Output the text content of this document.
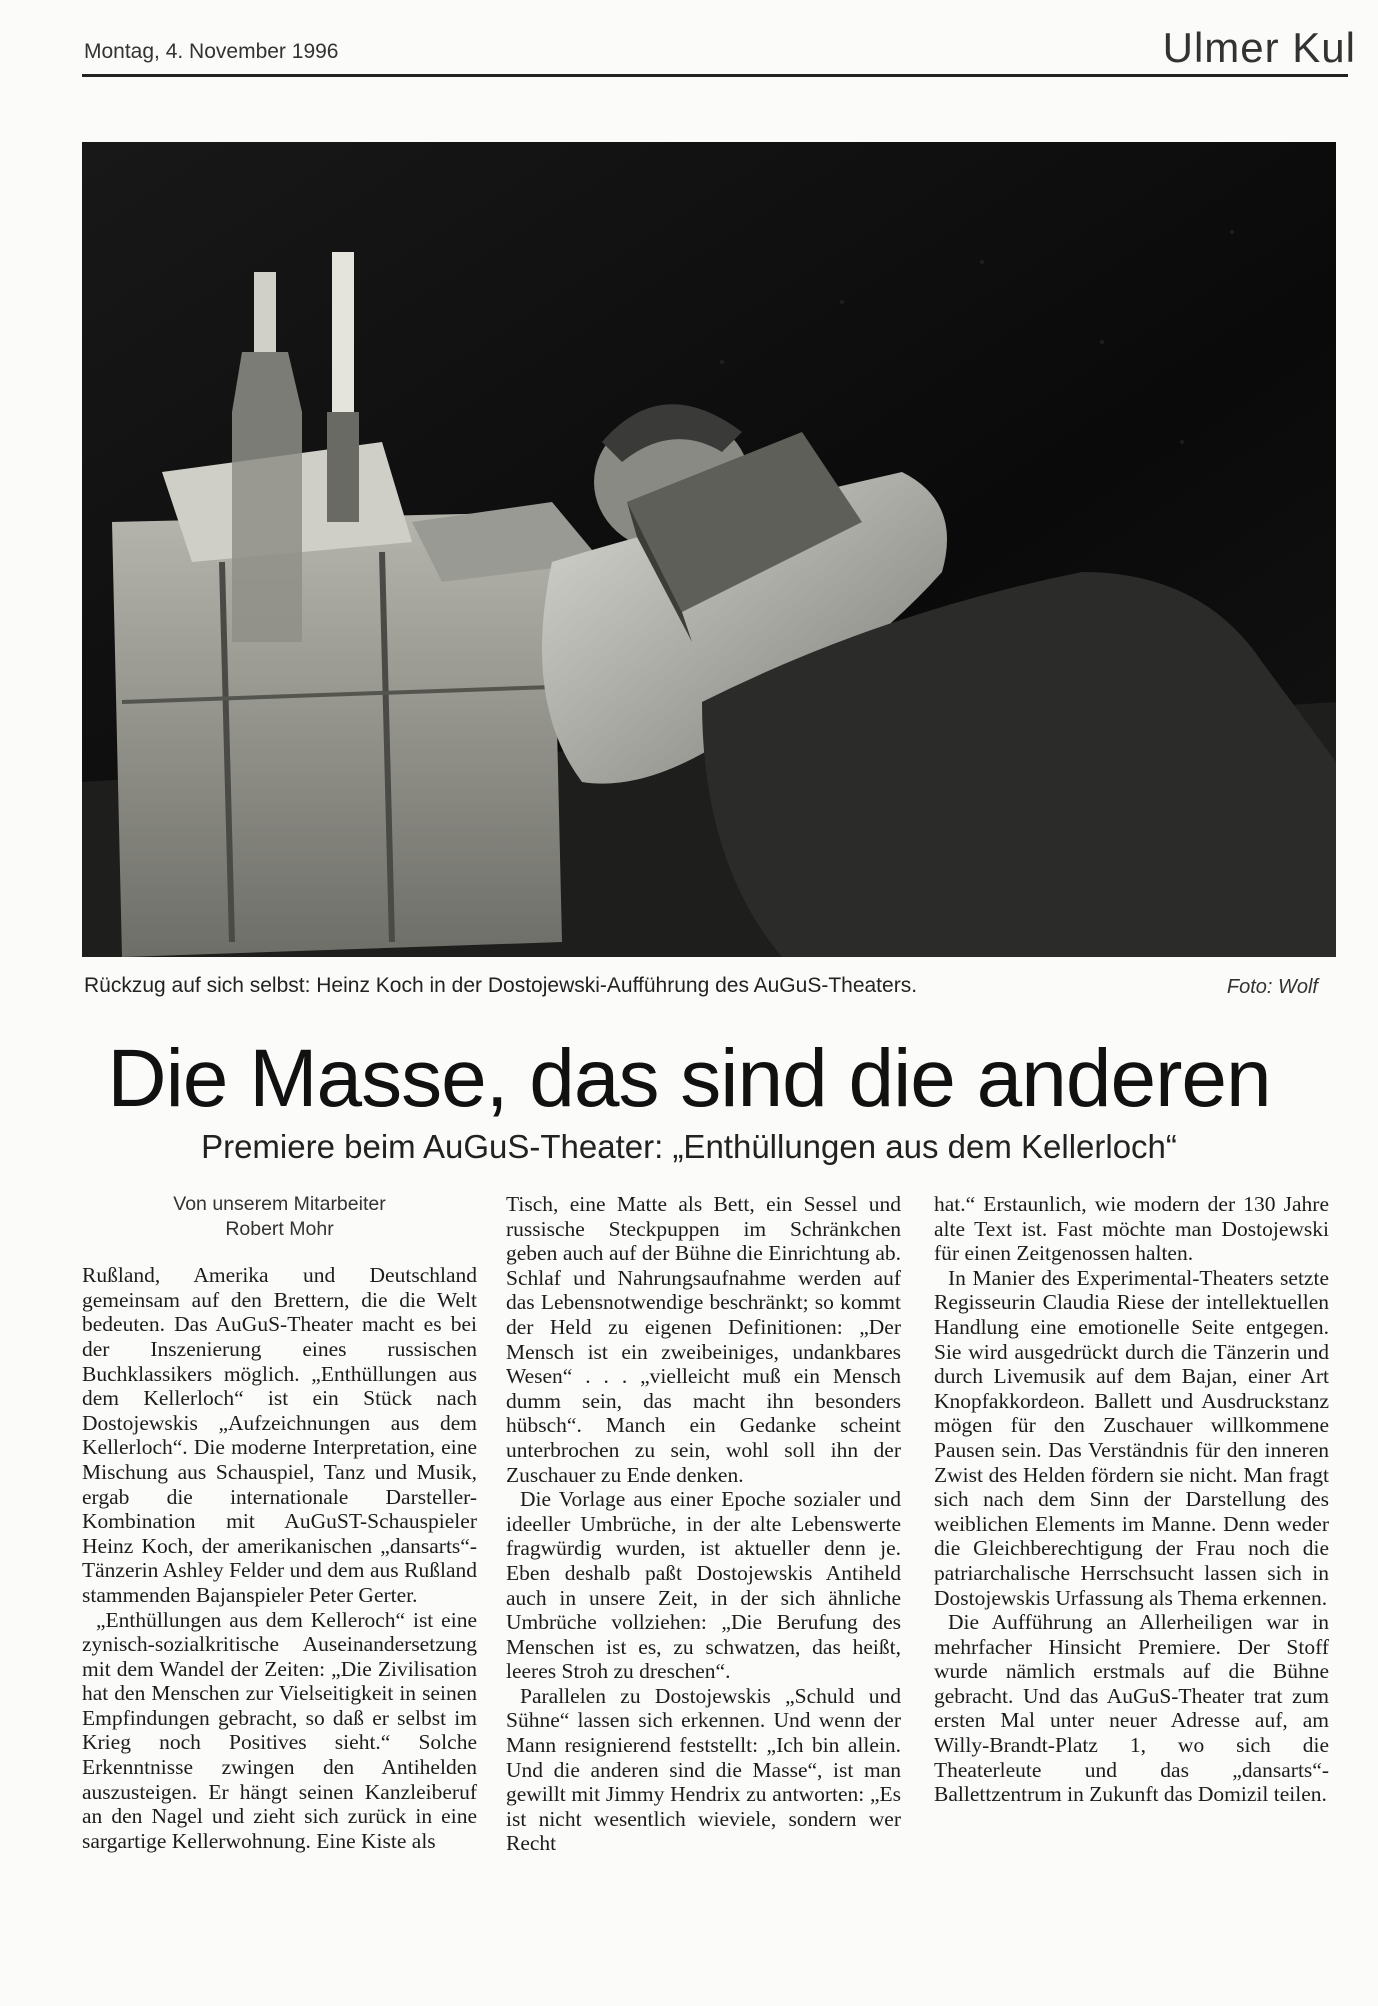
Montag, 4. November 1996	Ulmer Kul
Rückzug auf sich selbst: Heinz Koch in der Dostojewski-Aufführung des AuGuS-Theaters.	Foto: Wolf
Die Masse, das sind die anderen
Premiere beim AuGuS-Theater: „Enthüllungen aus dem Kellerloch“
Von unserem Mitarbeiter
Robert Mohr

Rußland, Amerika und Deutschland gemeinsam auf den Brettern, die die Welt bedeuten. Das AuGuS-Theater macht es bei der Inszenierung eines russischen Buchklassikers möglich. „Enthüllungen aus dem Kellerloch“ ist ein Stück nach Dostojewskis „Aufzeichnungen aus dem Kellerloch“. Die moderne Interpretation, eine Mischung aus Schauspiel, Tanz und Musik, ergab die internationale Darsteller-Kombination mit AuGuST-Schauspieler Heinz Koch, der amerikanischen „dansarts“-Tänzerin Ashley Felder und dem aus Rußland stammenden Bajanspieler Peter Gerter.

„Enthüllungen aus dem Kelleroch“ ist eine zynisch-sozialkritische Auseinandersetzung mit dem Wandel der Zeiten: „Die Zivilisation hat den Menschen zur Vielseitigkeit in seinen Empfindungen gebracht, so daß er selbst im Krieg noch Positives sieht.“ Solche Erkenntnisse zwingen den Antihelden auszusteigen. Er hängt seinen Kanzleiberuf an den Nagel und zieht sich zurück in eine sargartige Kellerwohnung. Eine Kiste als

Tisch, eine Matte als Bett, ein Sessel und russische Steckpuppen im Schränkchen geben auch auf der Bühne die Einrichtung ab. Schlaf und Nahrungsaufnahme werden auf das Lebensnotwendige beschränkt; so kommt der Held zu eigenen Definitionen: „Der Mensch ist ein zweibeiniges, undankbares Wesen“ . . . „vielleicht muß ein Mensch dumm sein, das macht ihn besonders hübsch“. Manch ein Gedanke scheint unterbrochen zu sein, wohl soll ihn der Zuschauer zu Ende denken.

Die Vorlage aus einer Epoche sozialer und ideeller Umbrüche, in der alte Lebenswerte fragwürdig wurden, ist aktueller denn je. Eben deshalb paßt Dostojewskis Antiheld auch in unsere Zeit, in der sich ähnliche Umbrüche vollziehen: „Die Berufung des Menschen ist es, zu schwatzen, das heißt, leeres Stroh zu dreschen“.

Parallelen zu Dostojewskis „Schuld und Sühne“ lassen sich erkennen. Und wenn der Mann resignierend feststellt: „Ich bin allein. Und die anderen sind die Masse“, ist man gewillt mit Jimmy Hendrix zu antworten: „Es ist nicht wesentlich wieviele, sondern wer Recht

hat.“ Erstaunlich, wie modern der 130 Jahre alte Text ist. Fast möchte man Dostojewski für einen Zeitgenossen halten.

In Manier des Experimental-Theaters setzte Regisseurin Claudia Riese der intellektuellen Handlung eine emotionelle Seite entgegen. Sie wird ausgedrückt durch die Tänzerin und durch Livemusik auf dem Bajan, einer Art Knopfakkordeon. Ballett und Ausdruckstanz mögen für den Zuschauer willkommene Pausen sein. Das Verständnis für den inneren Zwist des Helden fördern sie nicht. Man fragt sich nach dem Sinn der Darstellung des weiblichen Elements im Manne. Denn weder die Gleichberechtigung der Frau noch die patriarchalische Herrschsucht lassen sich in Dostojewskis Urfassung als Thema erkennen.

Die Aufführung an Allerheiligen war in mehrfacher Hinsicht Premiere. Der Stoff wurde nämlich erstmals auf die Bühne gebracht. Und das AuGuS-Theater trat zum ersten Mal unter neuer Adresse auf, am Willy-Brandt-Platz 1, wo sich die Theaterleute und das „dansarts“-Ballettzentrum in Zukunft das Domizil teilen.
